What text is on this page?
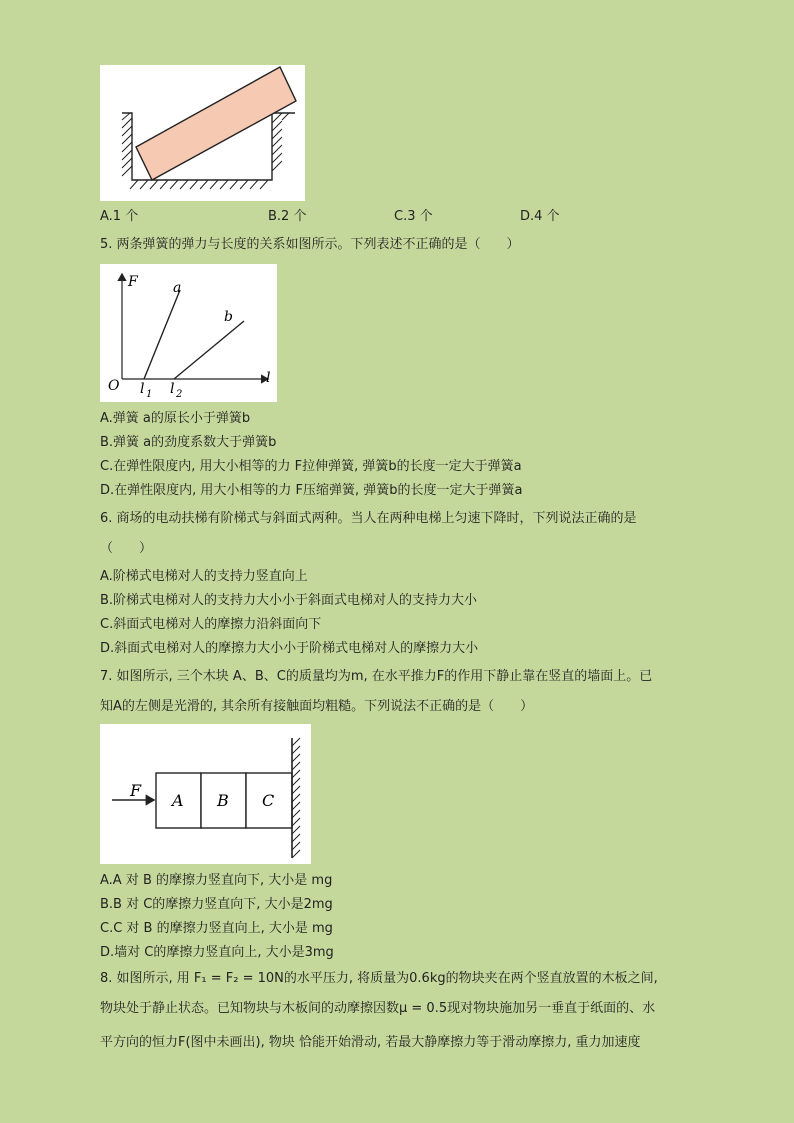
A.1 个	B.2 个	C.3 个	D.4 个
5. 两条弹簧的弹力与长度的关系如图所示。下列表述不正确的是（　　）
F
l
O
a
b
l 1 l 2
A.弹簧 a的原长小于弹簧b
B.弹簧 a的劲度系数大于弹簧b
C.在弹性限度内, 用大小相等的力 F拉伸弹簧, 弹簧b的长度一定大于弹簧a
D.在弹性限度内, 用大小相等的力 F压缩弹簧, 弹簧b的长度一定大于弹簧a
6. 商场的电动扶梯有阶梯式与斜面式两种。当人在两种电梯上匀速下降时，下列说法正确的是
（　　）
A.阶梯式电梯对人的支持力竖直向上
B.阶梯式电梯对人的支持力大小小于斜面式电梯对人的支持力大小
C.斜面式电梯对人的摩擦力沿斜面向下
D.斜面式电梯对人的摩擦力大小小于阶梯式电梯对人的摩擦力大小
7. 如图所示, 三个木块 A、B、C的质量均为m, 在水平推力F的作用下静止靠在竖直的墙面上。已
知A的左侧是光滑的, 其余所有接触面均粗糙。下列说法不正确的是（　　）
F
A B C
A.A 对 B 的摩擦力竖直向下, 大小是 mg
B.B 对 C的摩擦力竖直向下, 大小是2mg
C.C 对 B 的摩擦力竖直向上, 大小是 mg
D.墙对 C的摩擦力竖直向上, 大小是3mg
8. 如图所示, 用 F₁ = F₂ = 10N的水平压力, 将质量为0.6kg的物块夹在两个竖直放置的木板之间,
物块处于静止状态。已知物块与木板间的动摩擦因数μ = 0.5现对物块施加另一垂直于纸面的、水
平方向的恒力F(图中未画出), 物块 恰能开始滑动, 若最大静摩擦力等于滑动摩擦力, 重力加速度
